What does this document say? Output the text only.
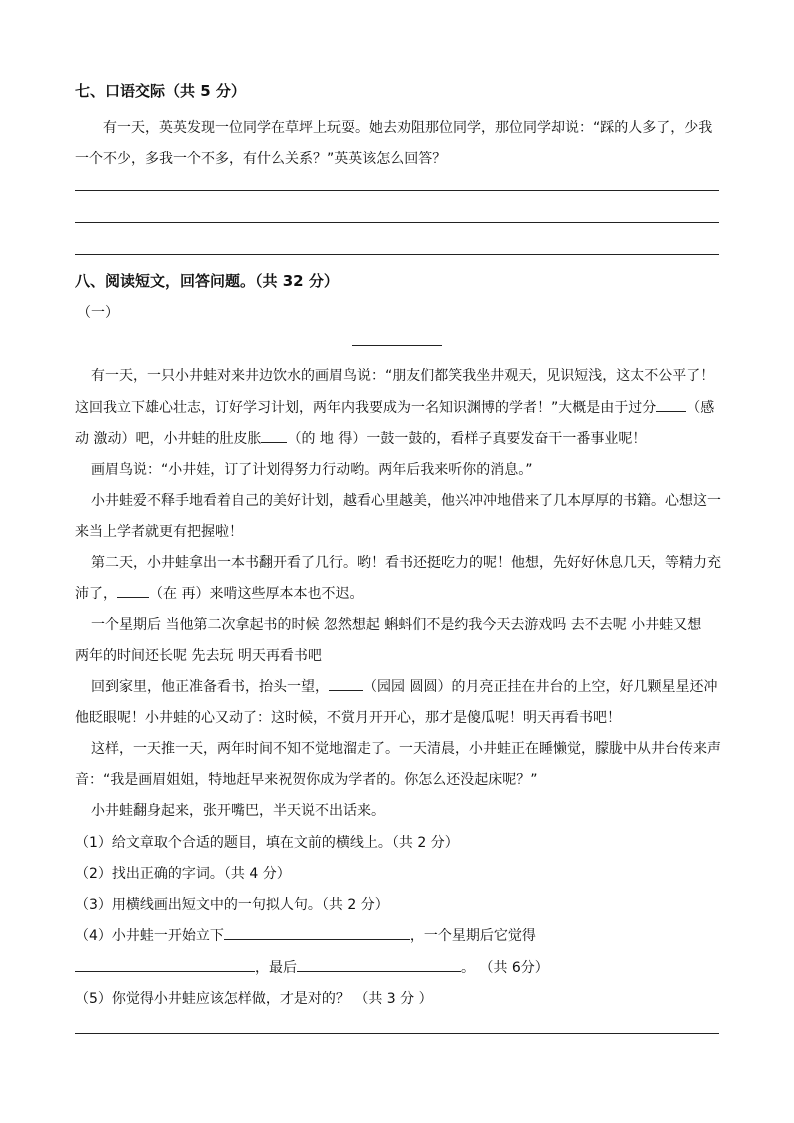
七、口语交际（共 5 分）
有一天，英英发现一位同学在草坪上玩耍。她去劝阻那位同学，那位同学却说：“踩的人多了，少我
一个不少，多我一个不多，有什么关系？”英英该怎么回答？
八、阅读短文，回答问题。（共 32 分）
（一）
有一天，一只小井蛙对来井边饮水的画眉鸟说：“朋友们都笑我坐井观天，见识短浅，这太不公平了！
这回我立下雄心壮志，订好学习计划，两年内我要成为一名知识渊博的学者！”大概是由于过分 （感
动 激动）吧，小井蛙的肚皮胀 （的 地 得）一鼓一鼓的，看样子真要发奋干一番事业呢！
画眉鸟说：“小井娃，订了计划得努力行动哟。两年后我来听你的消息。”
小井蛙爱不释手地看着自己的美好计划，越看心里越美，他兴冲冲地借来了几本厚厚的书籍。心想这一
来当上学者就更有把握啦！
第二天，小井蛙拿出一本书翻开看了几行。哟！看书还挺吃力的呢！他想，先好好休息几天，等精力充
沛了， （在 再）来啃这些厚本本也不迟。
一个星期后 当他第二次拿起书的时候 忽然想起 蝌蚪们不是约我今天去游戏吗 去不去呢 小井蛙又想
两年的时间还长呢 先去玩 明天再看书吧
回到家里，他正准备看书，抬头一望， （园园 圆圆）的月亮正挂在井台的上空，好几颗星星还冲
他眨眼呢！小井蛙的心又动了：这时候，不赏月开开心，那才是傻瓜呢！明天再看书吧！
这样，一天推一天，两年时间不知不觉地溜走了。一天清晨，小井蛙正在睡懒觉，朦胧中从井台传来声
音：“我是画眉姐姐，特地赶早来祝贺你成为学者的。你怎么还没起床呢？”
小井蛙翻身起来，张开嘴巴，半天说不出话来。
（1）给文章取个合适的题目，填在文前的横线上。（共 2 分）
（2）找出正确的字词。（共 4 分）
（3）用横线画出短文中的一句拟人句。（共 2 分）
（4）小井蛙一开始立下	，一个星期后它觉得
，最后	。 （共 6分）
（5）你觉得小井蛙应该怎样做，才是对的？ （共 3 分 ）
